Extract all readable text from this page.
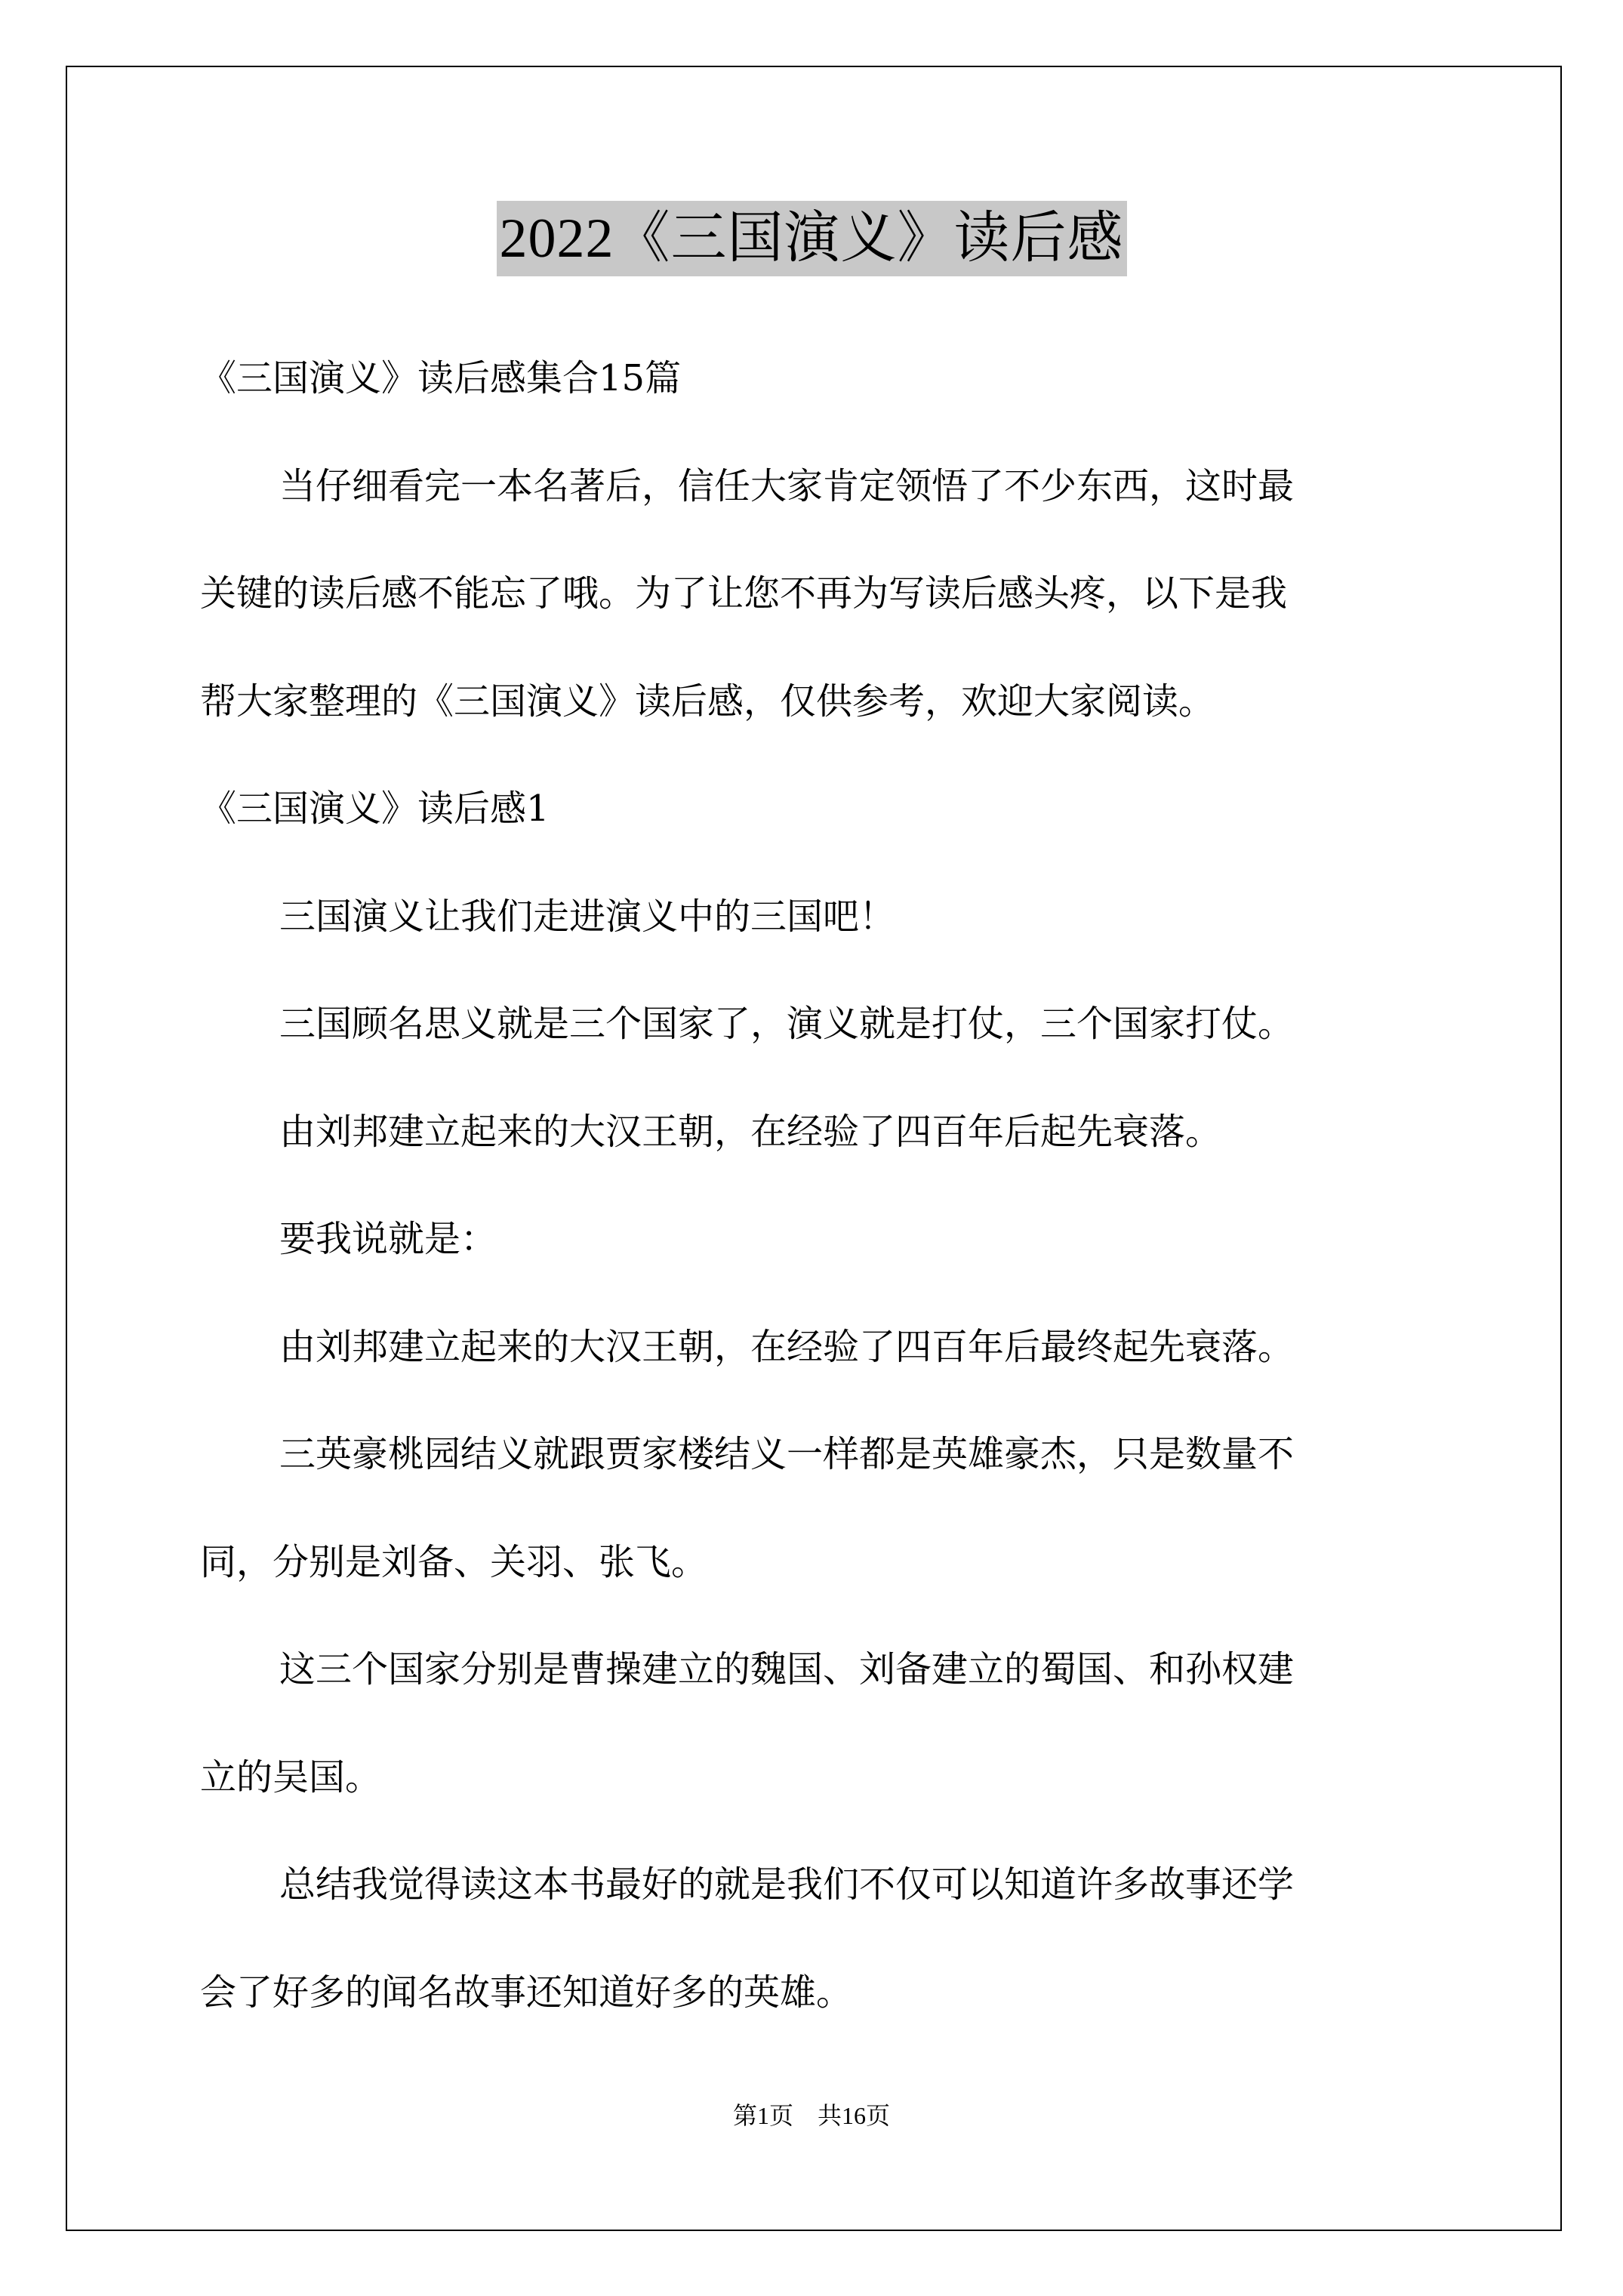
2022《三国演义》读后感
《三国演义》读后感集合15篇
当仔细看完一本名著后，信任大家肯定领悟了不少东西，这时最
关键的读后感不能忘了哦。为了让您不再为写读后感头疼，以下是我
帮大家整理的《三国演义》读后感，仅供参考，欢迎大家阅读。
《三国演义》读后感1
三国演义让我们走进演义中的三国吧！
三国顾名思义就是三个国家了，演义就是打仗，三个国家打仗。
由刘邦建立起来的大汉王朝，在经验了四百年后起先衰落。
要我说就是：
由刘邦建立起来的大汉王朝，在经验了四百年后最终起先衰落。
三英豪桃园结义就跟贾家楼结义一样都是英雄豪杰，只是数量不
同，分别是刘备、关羽、张飞。
这三个国家分别是曹操建立的魏国、刘备建立的蜀国、和孙权建
立的吴国。
总结我觉得读这本书最好的就是我们不仅可以知道许多故事还学
会了好多的闻名故事还知道好多的英雄。
第1页　共16页
